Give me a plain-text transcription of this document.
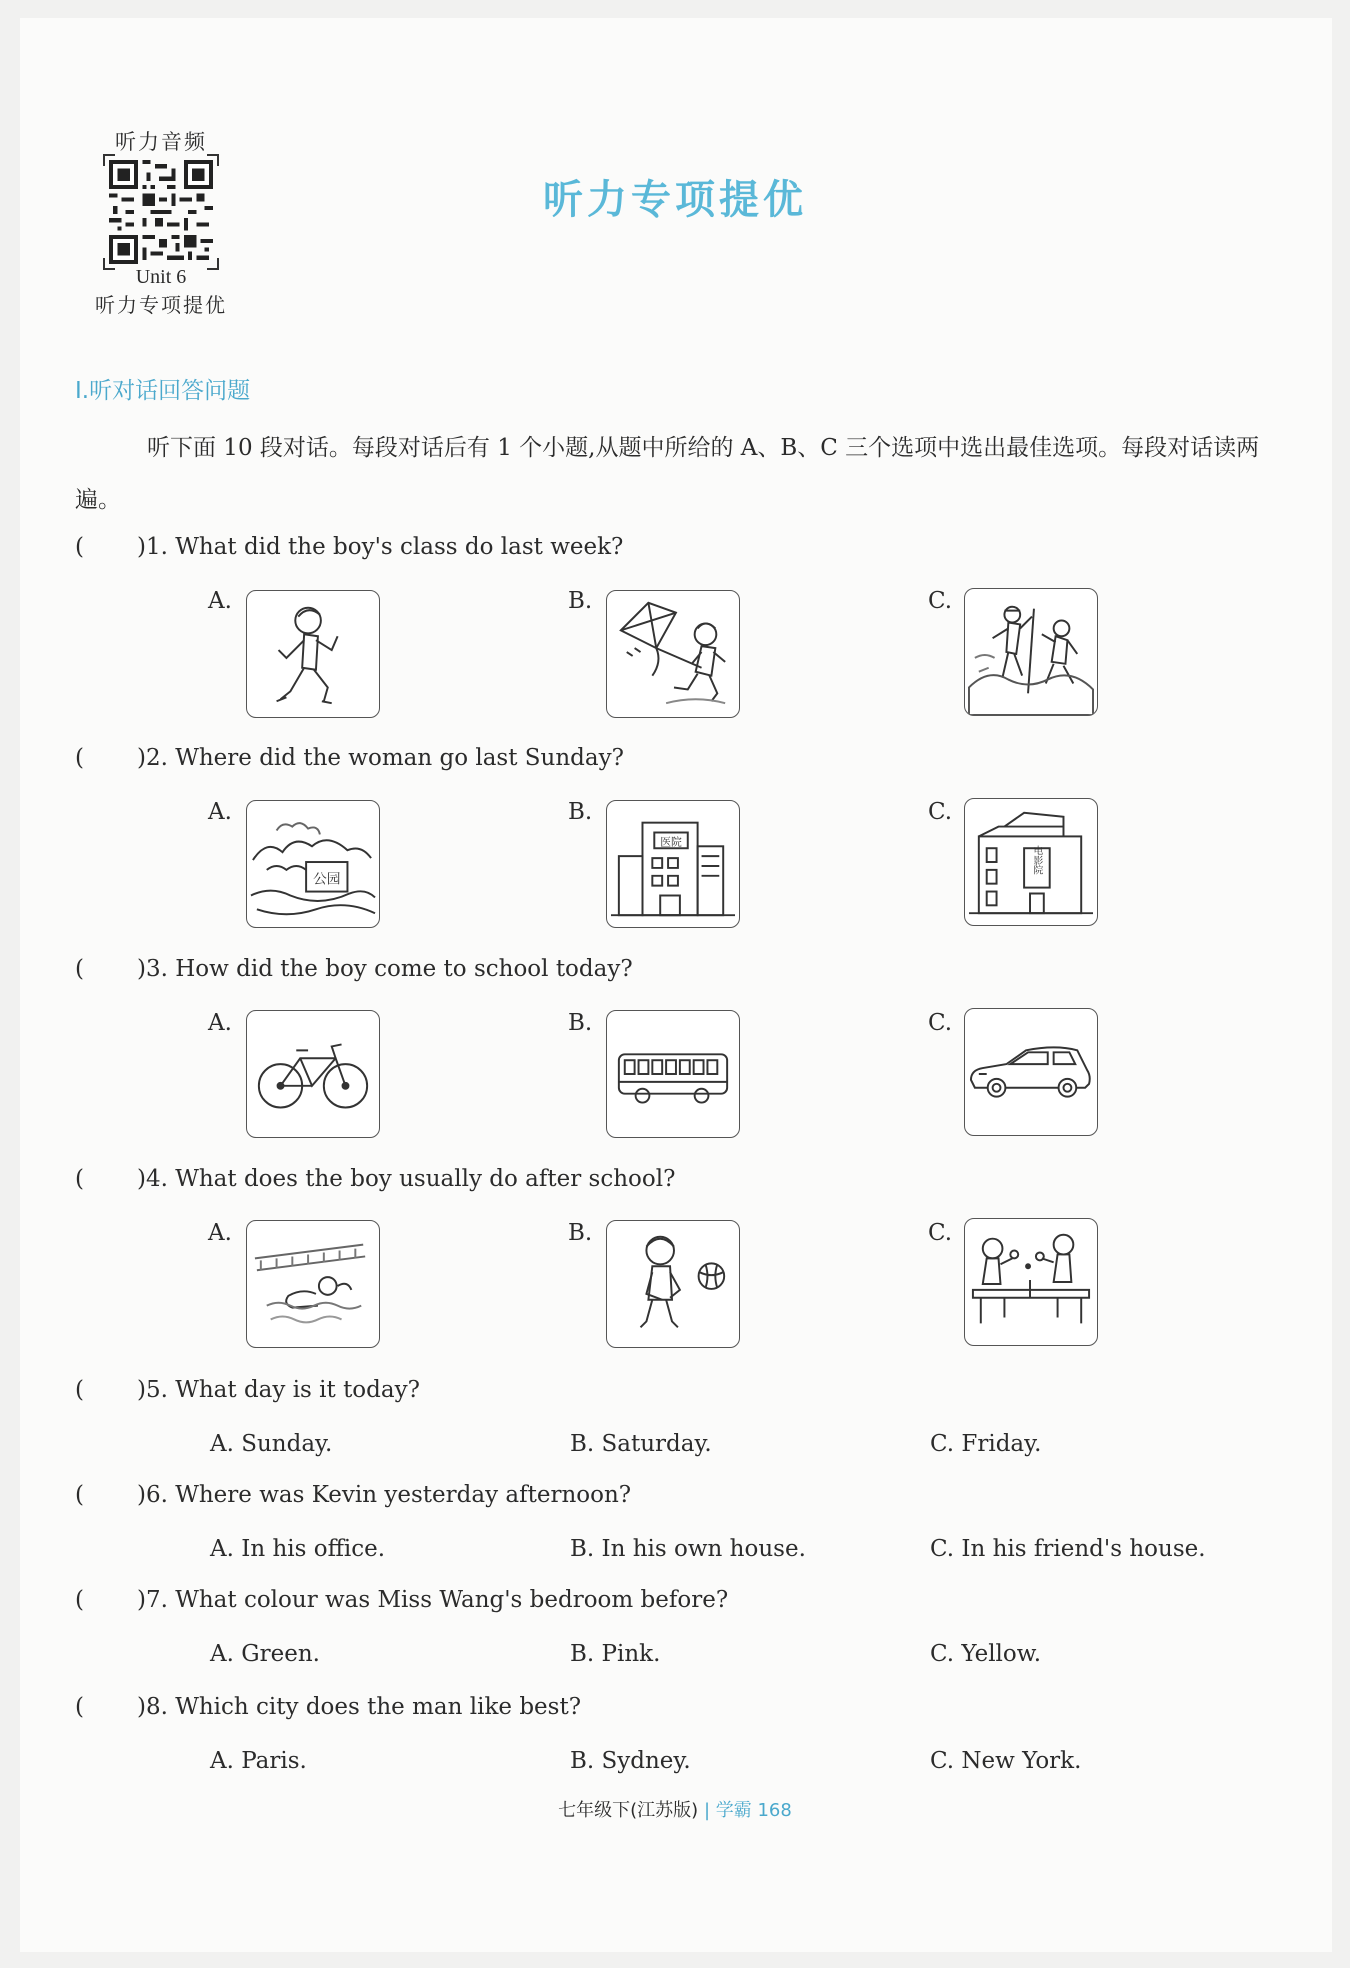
听力音频
Unit 6
听力专项提优
听力专项提优
Ⅰ.听对话回答问题
听下面 10 段对话。每段对话后有 1 个小题,从题中所给的 A、B、C 三个选项中选出最佳选项。每段对话读两遍。
( )1. What did the boy's class do last week?
A.	B.	C.
( )2. Where did the woman go last Sunday?
A.	B.	C.
公园
医院
电影院
( )3. How did the boy come to school today?
A.	B.	C.
( )4. What does the boy usually do after school?
A.	B.	C.
( )5. What day is it today?
A. Sunday.	B. Saturday.	C. Friday.
( )6. Where was Kevin yesterday afternoon?
A. In his office.	B. In his own house.	C. In his friend's house.
( )7. What colour was Miss Wang's bedroom before?
A. Green.	B. Pink.	C. Yellow.
( )8. Which city does the man like best?
A. Paris.	B. Sydney.	C. New York.
七年级下(江苏版) | 学霸 168
